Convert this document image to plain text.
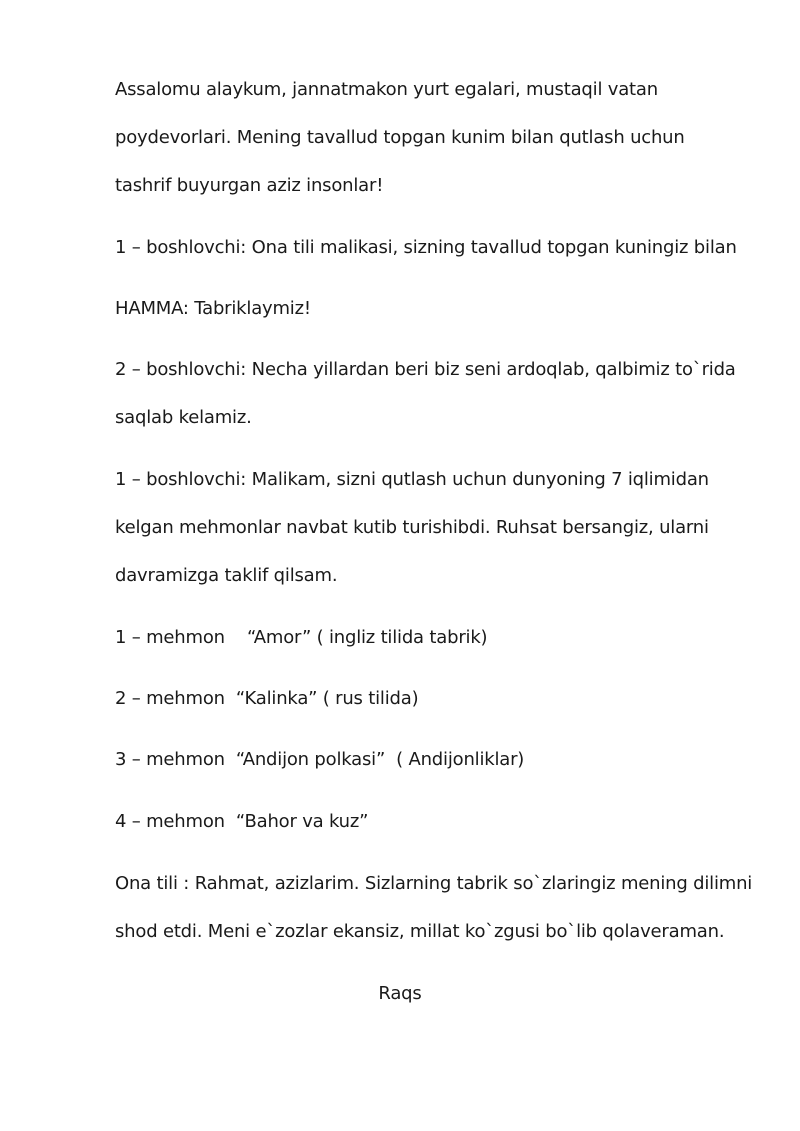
Assalomu alaykum, jannatmakon yurt egalari, mustaqil vatan
poydevorlari. Mening tavallud topgan kunim bilan qutlash uchun
tashrif buyurgan aziz insonlar!
1 – boshlovchi: Ona tili malikasi, sizning tavallud topgan kuningiz bilan
HAMMA: Tabriklaymiz!
2 – boshlovchi: Necha yillardan beri biz seni ardoqlab, qalbimiz to`rida
saqlab kelamiz.
1 – boshlovchi: Malikam, sizni qutlash uchun dunyoning 7 iqlimidan
kelgan mehmonlar navbat kutib turishibdi. Ruhsat bersangiz, ularni
davramizga taklif qilsam.
1 – mehmon    “Amor” ( ingliz tilida tabrik)
2 – mehmon  “Kalinka” ( rus tilida)
3 – mehmon  “Andijon polkasi”  ( Andijonliklar)
4 – mehmon  “Bahor va kuz”
Ona tili : Rahmat, azizlarim. Sizlarning tabrik so`zlaringiz mening dilimni
shod etdi. Meni e`zozlar ekansiz, millat ko`zgusi bo`lib qolaveraman.
Raqs
